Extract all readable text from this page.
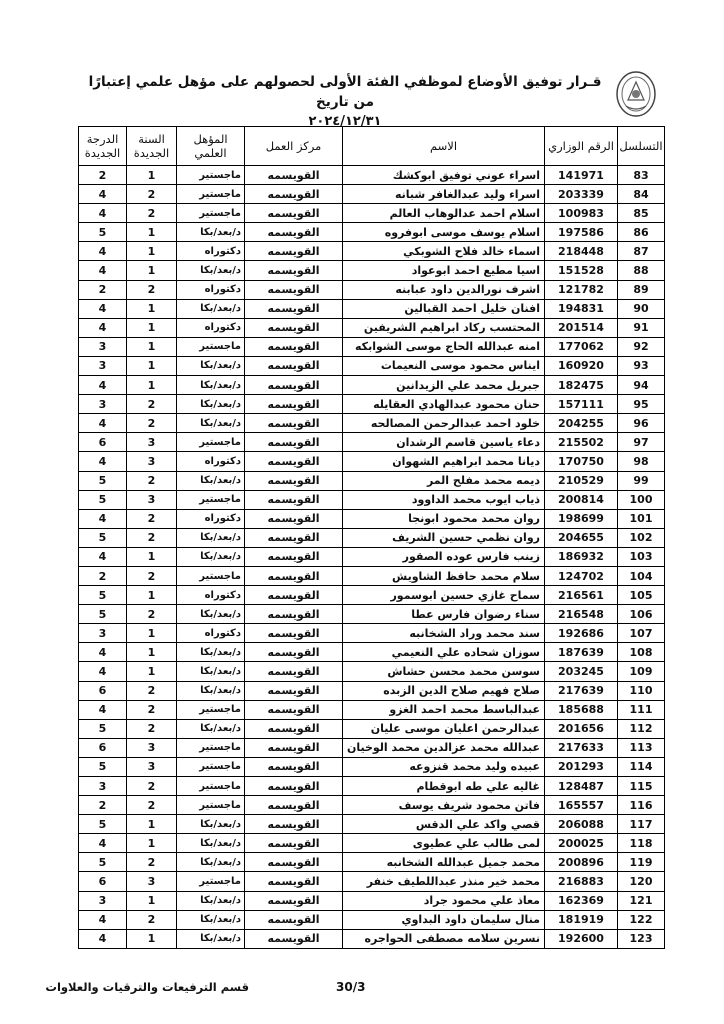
قـرار توفيق الأوضاع لموظفي الفئة الأولى لحصولهم على مؤهل علمي إعتبارًا من تاريخ
٢٠٢٤/١٢/٣١
التسلسل	الرقم الوزاري	الاسم	مركز العمل	المؤهل العلمي	السنة الجديدة	الدرجة الجديدة
83	141971	اسراء عوني توفيق ابوكشك	القويسمه	ماجستير	1	2
84	203339	اسراء وليد عبدالغافر شبانه	القويسمه	ماجستير	2	4
85	100983	اسلام احمد عدالوهاب العالم	القويسمه	ماجستير	2	4
86	197586	اسلام يوسف موسى ابوفروه	القويسمه	د/بعد/بكا	1	5
87	218448	اسماء خالد فلاح الشوبكي	القويسمه	دكتوراه	1	4
88	151528	اسيا مطيع احمد ابوعواد	القويسمه	د/بعد/بكا	1	4
89	121782	اشرف نورالدين داود عبابنه	القويسمه	دكتوراه	2	2
90	194831	افنان خليل احمد القبالين	القويسمه	د/بعد/بكا	1	4
91	201514	المحتسب ركاد ابراهيم الشريفين	القويسمه	دكتوراه	1	4
92	177062	امنه عبدالله الحاج موسى الشوابكه	القويسمه	ماجستير	1	3
93	160920	ايناس محمود موسى النعيمات	القويسمه	د/بعد/بكا	1	3
94	182475	جبريل محمد علي الزيدانين	القويسمه	د/بعد/بكا	1	4
95	157111	حنان محمود عبدالهادي العقايله	القويسمه	د/بعد/بكا	2	3
96	204255	خلود احمد عبدالرحمن المصالحه	القويسمه	د/بعد/بكا	2	4
97	215502	دعاء ياسين قاسم الرشدان	القويسمه	ماجستير	3	6
98	170750	ديانا محمد ابراهيم الشهوان	القويسمه	دكتوراه	3	4
99	210529	ديمه محمد مفلح المر	القويسمه	د/بعد/بكا	2	5
100	200814	ذياب ايوب محمد الداوود	القويسمه	ماجستير	3	5
101	198699	روان محمد محمود ابونجا	القويسمه	دكتوراه	2	4
102	204655	روان نظمي حسين الشريف	القويسمه	د/بعد/بكا	2	5
103	186932	زينب فارس عوده الصقور	القويسمه	د/بعد/بكا	1	4
104	124702	سلام محمد حافظ الشاويش	القويسمه	ماجستير	2	2
105	216561	سماح غازي حسين ابوسمور	القويسمه	دكتوراه	1	5
106	216548	سناء رضوان فارس عطا	القويسمه	د/بعد/بكا	2	5
107	192686	سند محمد وراد الشخانبه	القويسمه	دكتوراه	1	3
108	187639	سوزان شحاده علي النعيمي	القويسمه	د/بعد/بكا	1	4
109	203245	سوسن محمد محسن حشاش	القويسمه	د/بعد/بكا	1	4
110	217639	صلاح فهيم صلاح الدين الزبده	القويسمه	د/بعد/بكا	2	6
111	185688	عبدالباسط محمد احمد الغزو	القويسمه	ماجستير	2	4
112	201656	عبدالرحمن اعليان موسى عليان	القويسمه	د/بعد/بكا	2	5
113	217633	عبدالله محمد عزالدين محمد الوخيان	القويسمه	ماجستير	3	6
114	201293	عبيده وليد محمد قنزوعه	القويسمه	ماجستير	3	5
115	128487	غاليه علي طه ابوقطام	القويسمه	ماجستير	2	3
116	165557	فاتن محمود شريف يوسف	القويسمه	ماجستير	2	2
117	206088	قصي واكد علي الدقس	القويسمه	د/بعد/بكا	1	5
118	200025	لمى طالب علي عطيوى	القويسمه	د/بعد/بكا	1	4
119	200896	محمد جميل عبدالله الشخانبه	القويسمه	د/بعد/بكا	2	5
120	216883	محمد خير منذر عبداللطيف خنفر	القويسمه	ماجستير	3	6
121	162369	معاذ علي محمود جراد	القويسمه	د/بعد/بكا	1	3
122	181919	منال سليمان داود البداوي	القويسمه	د/بعد/بكا	2	4
123	192600	نسرين سلامه مصطفى الحواجره	القويسمه	د/بعد/بكا	1	4
30/3
قسم الترفيعات والترقيات والعلاوات
